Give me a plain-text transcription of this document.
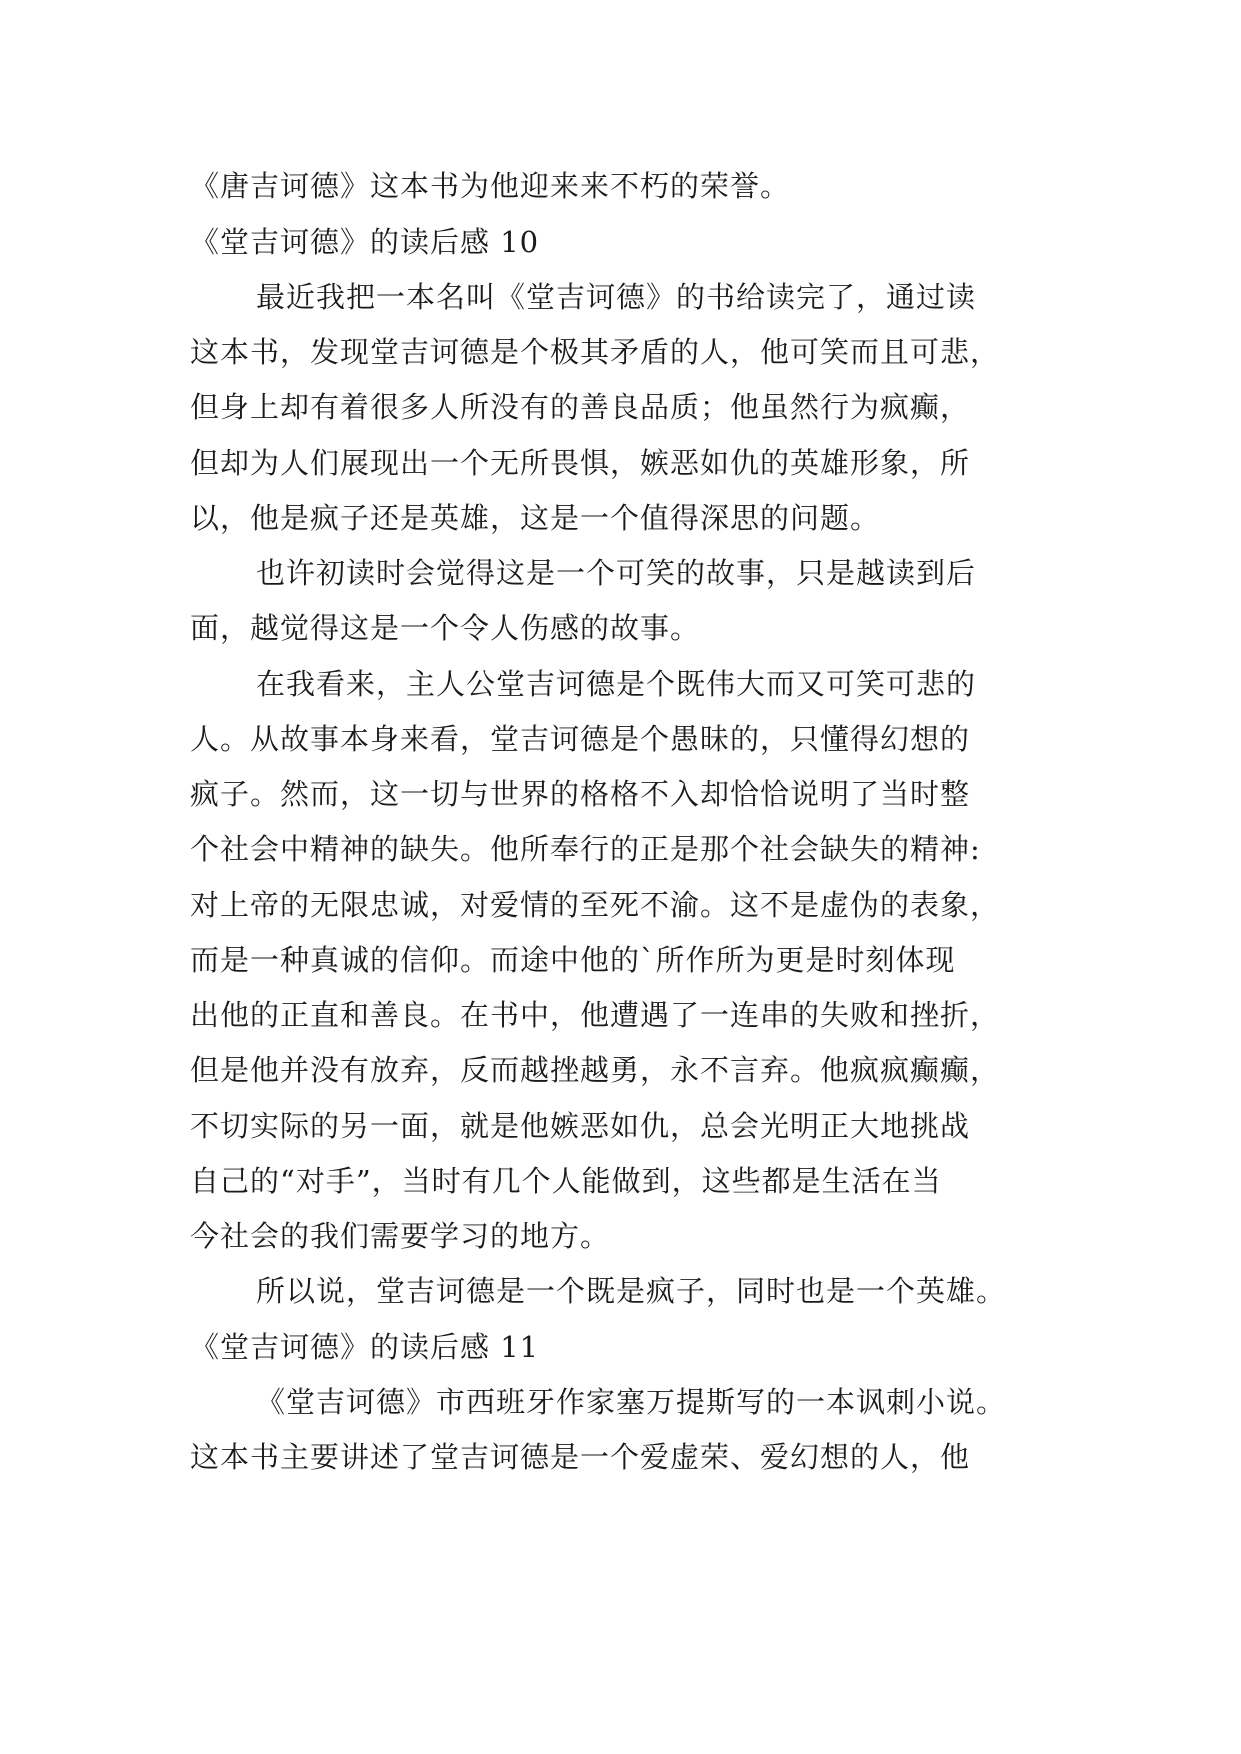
《唐吉诃德》这本书为他迎来来不朽的荣誉。
《堂吉诃德》的读后感 10
最近我把一本名叫《堂吉诃德》的书给读完了，通过读
这本书，发现堂吉诃德是个极其矛盾的人，他可笑而且可悲，
但身上却有着很多人所没有的善良品质；他虽然行为疯癫，
但却为人们展现出一个无所畏惧，嫉恶如仇的英雄形象，所
以，他是疯子还是英雄，这是一个值得深思的问题。
也许初读时会觉得这是一个可笑的故事，只是越读到后
面，越觉得这是一个令人伤感的故事。
在我看来，主人公堂吉诃德是个既伟大而又可笑可悲的
人。从故事本身来看，堂吉诃德是个愚昧的，只懂得幻想的
疯子。然而，这一切与世界的格格不入却恰恰说明了当时整
个社会中精神的缺失。他所奉行的正是那个社会缺失的精神:
对上帝的无限忠诚，对爱情的至死不渝。这不是虚伪的表象，
而是一种真诚的信仰。而途中他的`所作所为更是时刻体现
出他的正直和善良。在书中，他遭遇了一连串的失败和挫折，
但是他并没有放弃，反而越挫越勇，永不言弃。他疯疯癫癫，
不切实际的另一面，就是他嫉恶如仇，总会光明正大地挑战
自己的“对手”，当时有几个人能做到，这些都是生活在当
今社会的我们需要学习的地方。
所以说，堂吉诃德是一个既是疯子，同时也是一个英雄。
《堂吉诃德》的读后感 11
《堂吉诃德》市西班牙作家塞万提斯写的一本讽刺小说。
这本书主要讲述了堂吉诃德是一个爱虚荣、爱幻想的人，他
